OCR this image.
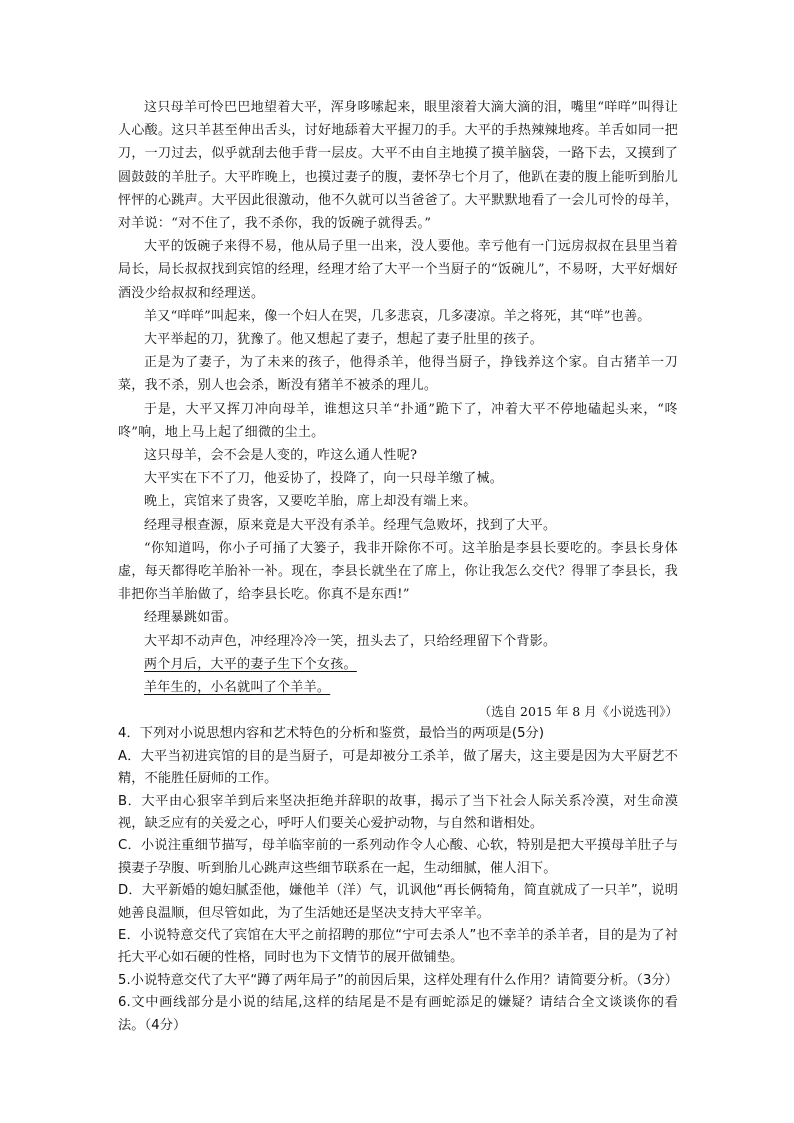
这只母羊可怜巴巴地望着大平，浑身哆嗦起来，眼里滚着大滴大滴的泪，嘴里“咩咩”叫得让人心酸。这只羊甚至伸出舌头，讨好地舔着大平握刀的手。大平的手热辣辣地疼。羊舌如同一把刀，一刀过去，似乎就刮去他手背一层皮。大平不由自主地摸了摸羊脑袋，一路下去，又摸到了圆鼓鼓的羊肚子。大平昨晚上，也摸过妻子的腹，妻怀孕七个月了，他趴在妻的腹上能听到胎儿怦怦的心跳声。大平因此很激动，他不久就可以当爸爸了。大平默默地看了一会儿可怜的母羊，对羊说：“对不住了，我不杀你，我的饭碗子就得丢。”

大平的饭碗子来得不易，他从局子里一出来，没人要他。幸亏他有一门远房叔叔在县里当着局长，局长叔叔找到宾馆的经理，经理才给了大平一个当厨子的“饭碗儿”，不易呀，大平好烟好酒没少给叔叔和经理送。

羊又“咩咩”叫起来，像一个妇人在哭，几多悲哀，几多凄凉。羊之将死，其“咩”也善。

大平举起的刀，犹豫了。他又想起了妻子，想起了妻子肚里的孩子。

正是为了妻子，为了未来的孩子，他得杀羊，他得当厨子，挣钱养这个家。自古猪羊一刀菜，我不杀，别人也会杀，断没有猪羊不被杀的理儿。

于是，大平又挥刀冲向母羊，谁想这只羊“扑通”跪下了，冲着大平不停地磕起头来，“咚咚”响，地上马上起了细微的尘土。

这只母羊，会不会是人变的，咋这么通人性呢?

大平实在下不了刀，他妥协了，投降了，向一只母羊缴了械。

晚上，宾馆来了贵客，又要吃羊胎，席上却没有端上来。

经理寻根查源，原来竟是大平没有杀羊。经理气急败坏，找到了大平。

“你知道吗，你小子可捅了大篓子，我非开除你不可。这羊胎是李县长要吃的。李县长身体虚，每天都得吃羊胎补一补。现在，李县长就坐在了席上，你让我怎么交代？得罪了李县长，我非把你当羊胎做了，给李县长吃。你真不是东西!”

经理暴跳如雷。

大平却不动声色，冲经理冷冷一笑，扭头去了，只给经理留下个背影。

两个月后，大平的妻子生下个女孩。

羊年生的，小名就叫了个羊羊。

（选自 2015 年 8 月《小说选刊》）

4．下列对小说思想内容和艺术特色的分析和鉴赏，最恰当的两项是(5分)

A．大平当初进宾馆的目的是当厨子，可是却被分工杀羊，做了屠夫，这主要是因为大平厨艺不精，不能胜任厨师的工作。

B．大平由心狠宰羊到后来坚决拒绝并辞职的故事，揭示了当下社会人际关系冷漠，对生命漠视，缺乏应有的关爱之心，呼吁人们要关心爱护动物，与自然和谐相处。

C．小说注重细节描写，母羊临宰前的一系列动作令人心酸、心软，特别是把大平摸母羊肚子与摸妻子孕腹、听到胎儿心跳声这些细节联系在一起，生动细腻，催人泪下。

D．大平新婚的媳妇腻歪他，嫌他羊（洋）气，讥讽他“再长俩犄角，简直就成了一只羊”，说明她善良温顺，但尽管如此，为了生活她还是坚决支持大平宰羊。

E．小说特意交代了宾馆在大平之前招聘的那位“宁可去杀人”也不幸羊的杀羊者，目的是为了衬托大平心如石硬的性格，同时也为下文情节的展开做铺垫。

5.小说特意交代了大平“蹲了两年局子”的前因后果，这样处理有什么作用？请简要分析。（3分）

6.文中画线部分是小说的结尾,这样的结尾是不是有画蛇添足的嫌疑？请结合全文谈谈你的看法。（4分）
